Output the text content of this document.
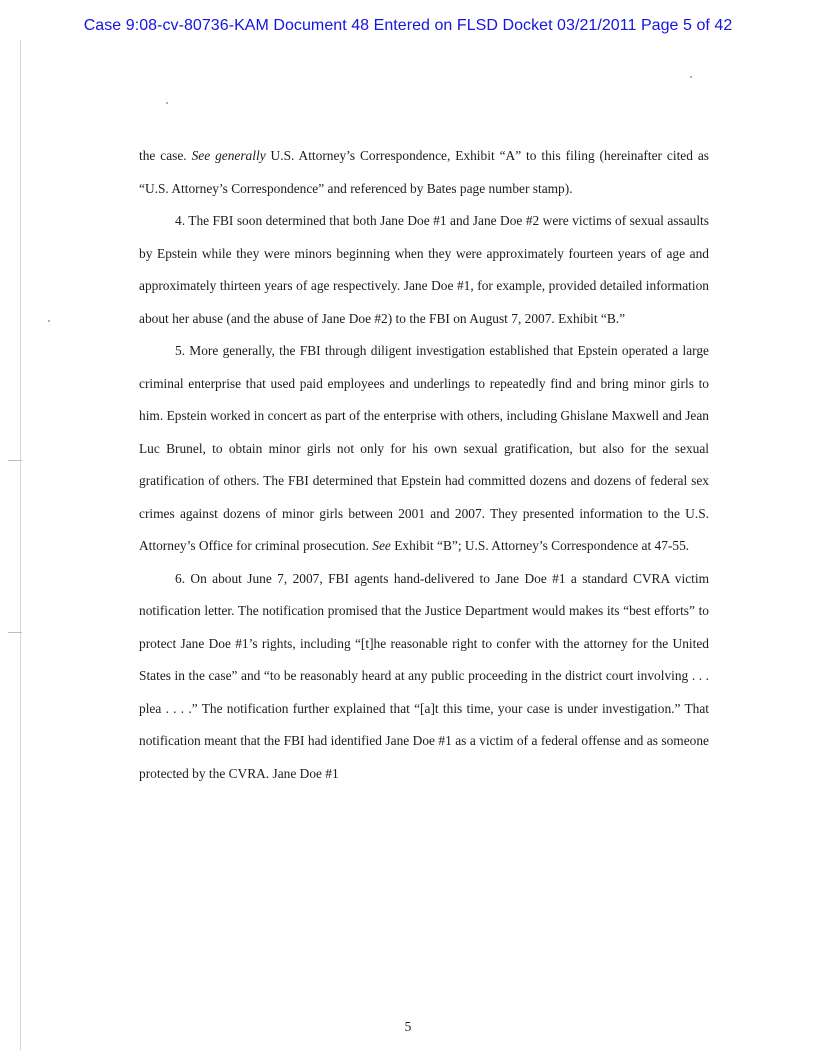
Case 9:08-cv-80736-KAM Document 48 Entered on FLSD Docket 03/21/2011 Page 5 of 42

the case. See generally U.S. Attorney’s Correspondence, Exhibit “A” to this filing (hereinafter cited as “U.S. Attorney’s Correspondence” and referenced by Bates page number stamp).

4. The FBI soon determined that both Jane Doe #1 and Jane Doe #2 were victims of sexual assaults by Epstein while they were minors beginning when they were approximately fourteen years of age and approximately thirteen years of age respectively. Jane Doe #1, for example, provided detailed information about her abuse (and the abuse of Jane Doe #2) to the FBI on August 7, 2007. Exhibit “B.”

5. More generally, the FBI through diligent investigation established that Epstein operated a large criminal enterprise that used paid employees and underlings to repeatedly find and bring minor girls to him. Epstein worked in concert as part of the enterprise with others, including Ghislane Maxwell and Jean Luc Brunel, to obtain minor girls not only for his own sexual gratification, but also for the sexual gratification of others. The FBI determined that Epstein had committed dozens and dozens of federal sex crimes against dozens of minor girls between 2001 and 2007. They presented information to the U.S. Attorney’s Office for criminal prosecution. See Exhibit “B”; U.S. Attorney’s Correspondence at 47-55.

6. On about June 7, 2007, FBI agents hand-delivered to Jane Doe #1 a standard CVRA victim notification letter. The notification promised that the Justice Department would makes its “best efforts” to protect Jane Doe #1’s rights, including “[t]he reasonable right to confer with the attorney for the United States in the case” and “to be reasonably heard at any public proceeding in the district court involving . . . plea . . . .” The notification further explained that “[a]t this time, your case is under investigation.” That notification meant that the FBI had identified Jane Doe #1 as a victim of a federal offense and as someone protected by the CVRA. Jane Doe #1

5
